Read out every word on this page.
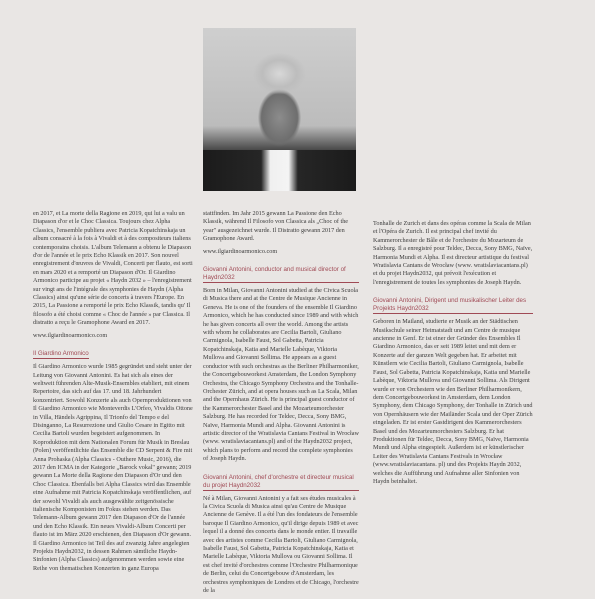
en 2017, et La morte della Ragione en 2019, qui lui a valu un Diapason d'or et le Choc Classica. Toujours chez Alpha Classics, l'ensemble publiera avec Patricia Kopatchinskaja un album consacré à la fois à Vivaldi et à des compositeurs italiens contemporains choisis. L'album Telemann a obtenu le Diapason d'or de l'année et le prix Echo Klassik en 2017. Son nouvel enregistrement d'œuvres de Vivaldi, Concerti per flauto, est sorti en mars 2020 et a remporté un Diapason d'Or. Il Giardino Armonico participe au projet « Haydn 2032 » – l'enregistrement sur vingt ans de l'intégrale des symphonies de Haydn (Alpha Classics) ainsi qu'une série de concerts à travers l'Europe. En 2015, La Passione a remporté le prix Echo Klassik, tandis qu' Il filosofo a été choisi comme « Choc de l'année » par Classica. Il distratto a reçu le Gramophone Award en 2017.

www.ilgiardinoarmonico.com

Il Giardino Armonico

Il Giardino Armonico wurde 1985 gegründet und steht unter der Leitung von Giovanni Antonini. Es hat sich als eines der weltweit führenden Alte-Musik-Ensembles etabliert, mit einem Repertoire, das sich auf das 17. und 18. Jahrhundert konzentriert. Sowohl Konzerte als auch Opernproduktionen von Il Giardino Armonico wie Monteverdis L'Orfeo, Vivaldis Ottone in Villa, Händels Agrippina, Il Trionfo del Tempo e del Disinganno, La Resurrezione und Giulio Cesare in Egitto mit Cecilia Bartoli wurden begeistert aufgenommen. In Koproduktion mit dem Nationalen Forum für Musik in Breslau (Polen) veröffentlichte das Ensemble die CD Serpent & Fire mit Anna Prohaska (Alpha Classics - Outhere Music, 2016), die 2017 den ICMA in der Kategorie „Barock vokal" gewann; 2019 gewann La Morte della Ragione den Diapason d'Or und den Choc Classica. Ebenfalls bei Alpha Classics wird das Ensemble eine Aufnahme mit Patricia Kopatchinskaja veröffentlichen, auf der sowohl Vivaldi als auch ausgewählte zeitgenössische italienische Komponisten im Fokus stehen werden. Das Telemann-Album gewann 2017 den Diapason d'Or de l'année und den Echo Klassik. Ein neues Vivaldi-Album Concerti per flauto ist im März 2020 erschienen, den Diapason d'Or gewann. Il Giardino Armonico ist Teil des auf zwanzig Jahre angelegten Projekts Haydn2032, in dessen Rahmen sämtliche Haydn-Sinfonien (Alpha Classics) aufgenommen werden sowie eine Reihe von thematischen Konzerten in ganz Europa

stattfinden. Im Jahr 2015 gewann La Passione den Echo Klassik, während Il Filosofo von Classica als „Choc of the year" ausgezeichnet wurde. Il Distratto gewann 2017 den Gramophone Award.

www.ilgiardinoarmonico.com

Giovanni Antonini, conductor and musical director of Haydn2032

Born in Milan, Giovanni Antonini studied at the Civica Scuola di Musica there and at the Centre de Musique Ancienne in Geneva. He is one of the founders of the ensemble Il Giardino Armonico, which he has conducted since 1989 and with which he has given concerts all over the world. Among the artists with whom he collaborates are Cecilia Bartoli, Giuliano Carmignola, Isabelle Faust, Sol Gabetta, Patricia Kopatchinskaja, Katia and Marielle Labèque, Viktoria Mullova and Giovanni Sollima. He appears as a guest conductor with such orchestras as the Berliner Philharmoniker, the Concertgebouworkest Amsterdam, the London Symphony Orchestra, the Chicago Symphony Orchestra and the Tonhalle-Orchester Zürich, and at opera houses such as La Scala, Milan and the Opernhaus Zürich. He is principal guest conductor of the Kammerorchester Basel and the Mozarteumorchester Salzburg. He has recorded for Teldec, Decca, Sony BMG, Naïve, Harmonia Mundi and Alpha. Giovanni Antonini is artistic director of the Wratislavia Cantans Festival in Wrocław (www. wratislaviacantans.pl) and of the Haydn2032 project, which plans to perform and record the complete symphonies of Joseph Haydn.

Giovanni Antonini, chef d'orchestre et directeur musical du projet Haydn2032

Né à Milan, Giovanni Antonini y a fait ses études musicales à la Civica Scuola di Musica ainsi qu'au Centre de Musique Ancienne de Genève. Il a été l'un des fondateurs de l'ensemble baroque Il Giardino Armonico, qu'il dirige depuis 1989 et avec lequel il a donné des concerts dans le monde entier. Il travaille avec des artistes comme Cecilia Bartoli, Giuliano Carmignola, Isabelle Faust, Sol Gabetta, Patricia Kopatchinskaja, Katia et Marielle Labèque, Viktoria Mullova ou Giovanni Sollima. Il est chef invité d'orchestres comme l'Orchestre Philharmonique de Berlin, celui du Concertgebouw d'Amsterdam, les orchestres symphoniques de Londres et de Chicago, l'orchestre de la

Tonhalle de Zurich et dans des opéras comme la Scala de Milan et l'Opéra de Zurich. Il est principal chef invité du Kammerorchester de Bâle et de l'orchestre du Mozarteum de Salzburg. Il a enregistré pour Teldec, Decca, Sony BMG, Naïve, Harmonia Mundi et Alpha. Il est directeur artistique du festival Wratislavia Cantans de Wrocław (www. wratislaviacantans.pl) et du projet Haydn2032, qui prévoit l'exécution et l'enregistrement de toutes les symphonies de Joseph Haydn.

Giovanni Antonini, Dirigent und musikalischer Leiter des Projekts Haydn2032

Geboren in Mailand, studierte er Musik an der Städtischen Musikschule seiner Heimatstadt und am Centre de musique ancienne in Genf. Er ist einer der Gründer des Ensembles Il Giardino Armonico, das er seit 1989 leitet und mit dem er Konzerte auf der ganzen Welt gegeben hat. Er arbeitet mit Künstlern wie Cecilia Bartoli, Giuliano Carmignola, Isabelle Faust, Sol Gabetta, Patricia Kopatchinskaja, Katia und Marielle Labèque, Viktoria Mullova und Giovanni Sollima. Als Dirigent wurde er von Orchestern wie den Berliner Philharmonikern, dem Concertgebouworkest in Amsterdam, dem London Symphony, dem Chicago Symphony, der Tonhalle in Zürich und von Opernhäusern wie der Mailänder Scala und der Oper Zürich eingeladen. Er ist erster Gastdirigent des Kammerorchesters Basel und des Mozarteumorchesters Salzburg. Er hat Produktionen für Teldec, Decca, Sony BMG, Naïve, Harmonia Mundi und Alpha eingespielt. Außerdem ist er künstlerischer Leiter des Wratislavia Cantans Festivals in Wrocław (www.wratislaviacantans. pl) und des Projekts Haydn 2032, welches die Aufführung und Aufnahme aller Sinfonien von Haydn beinhaltet.
